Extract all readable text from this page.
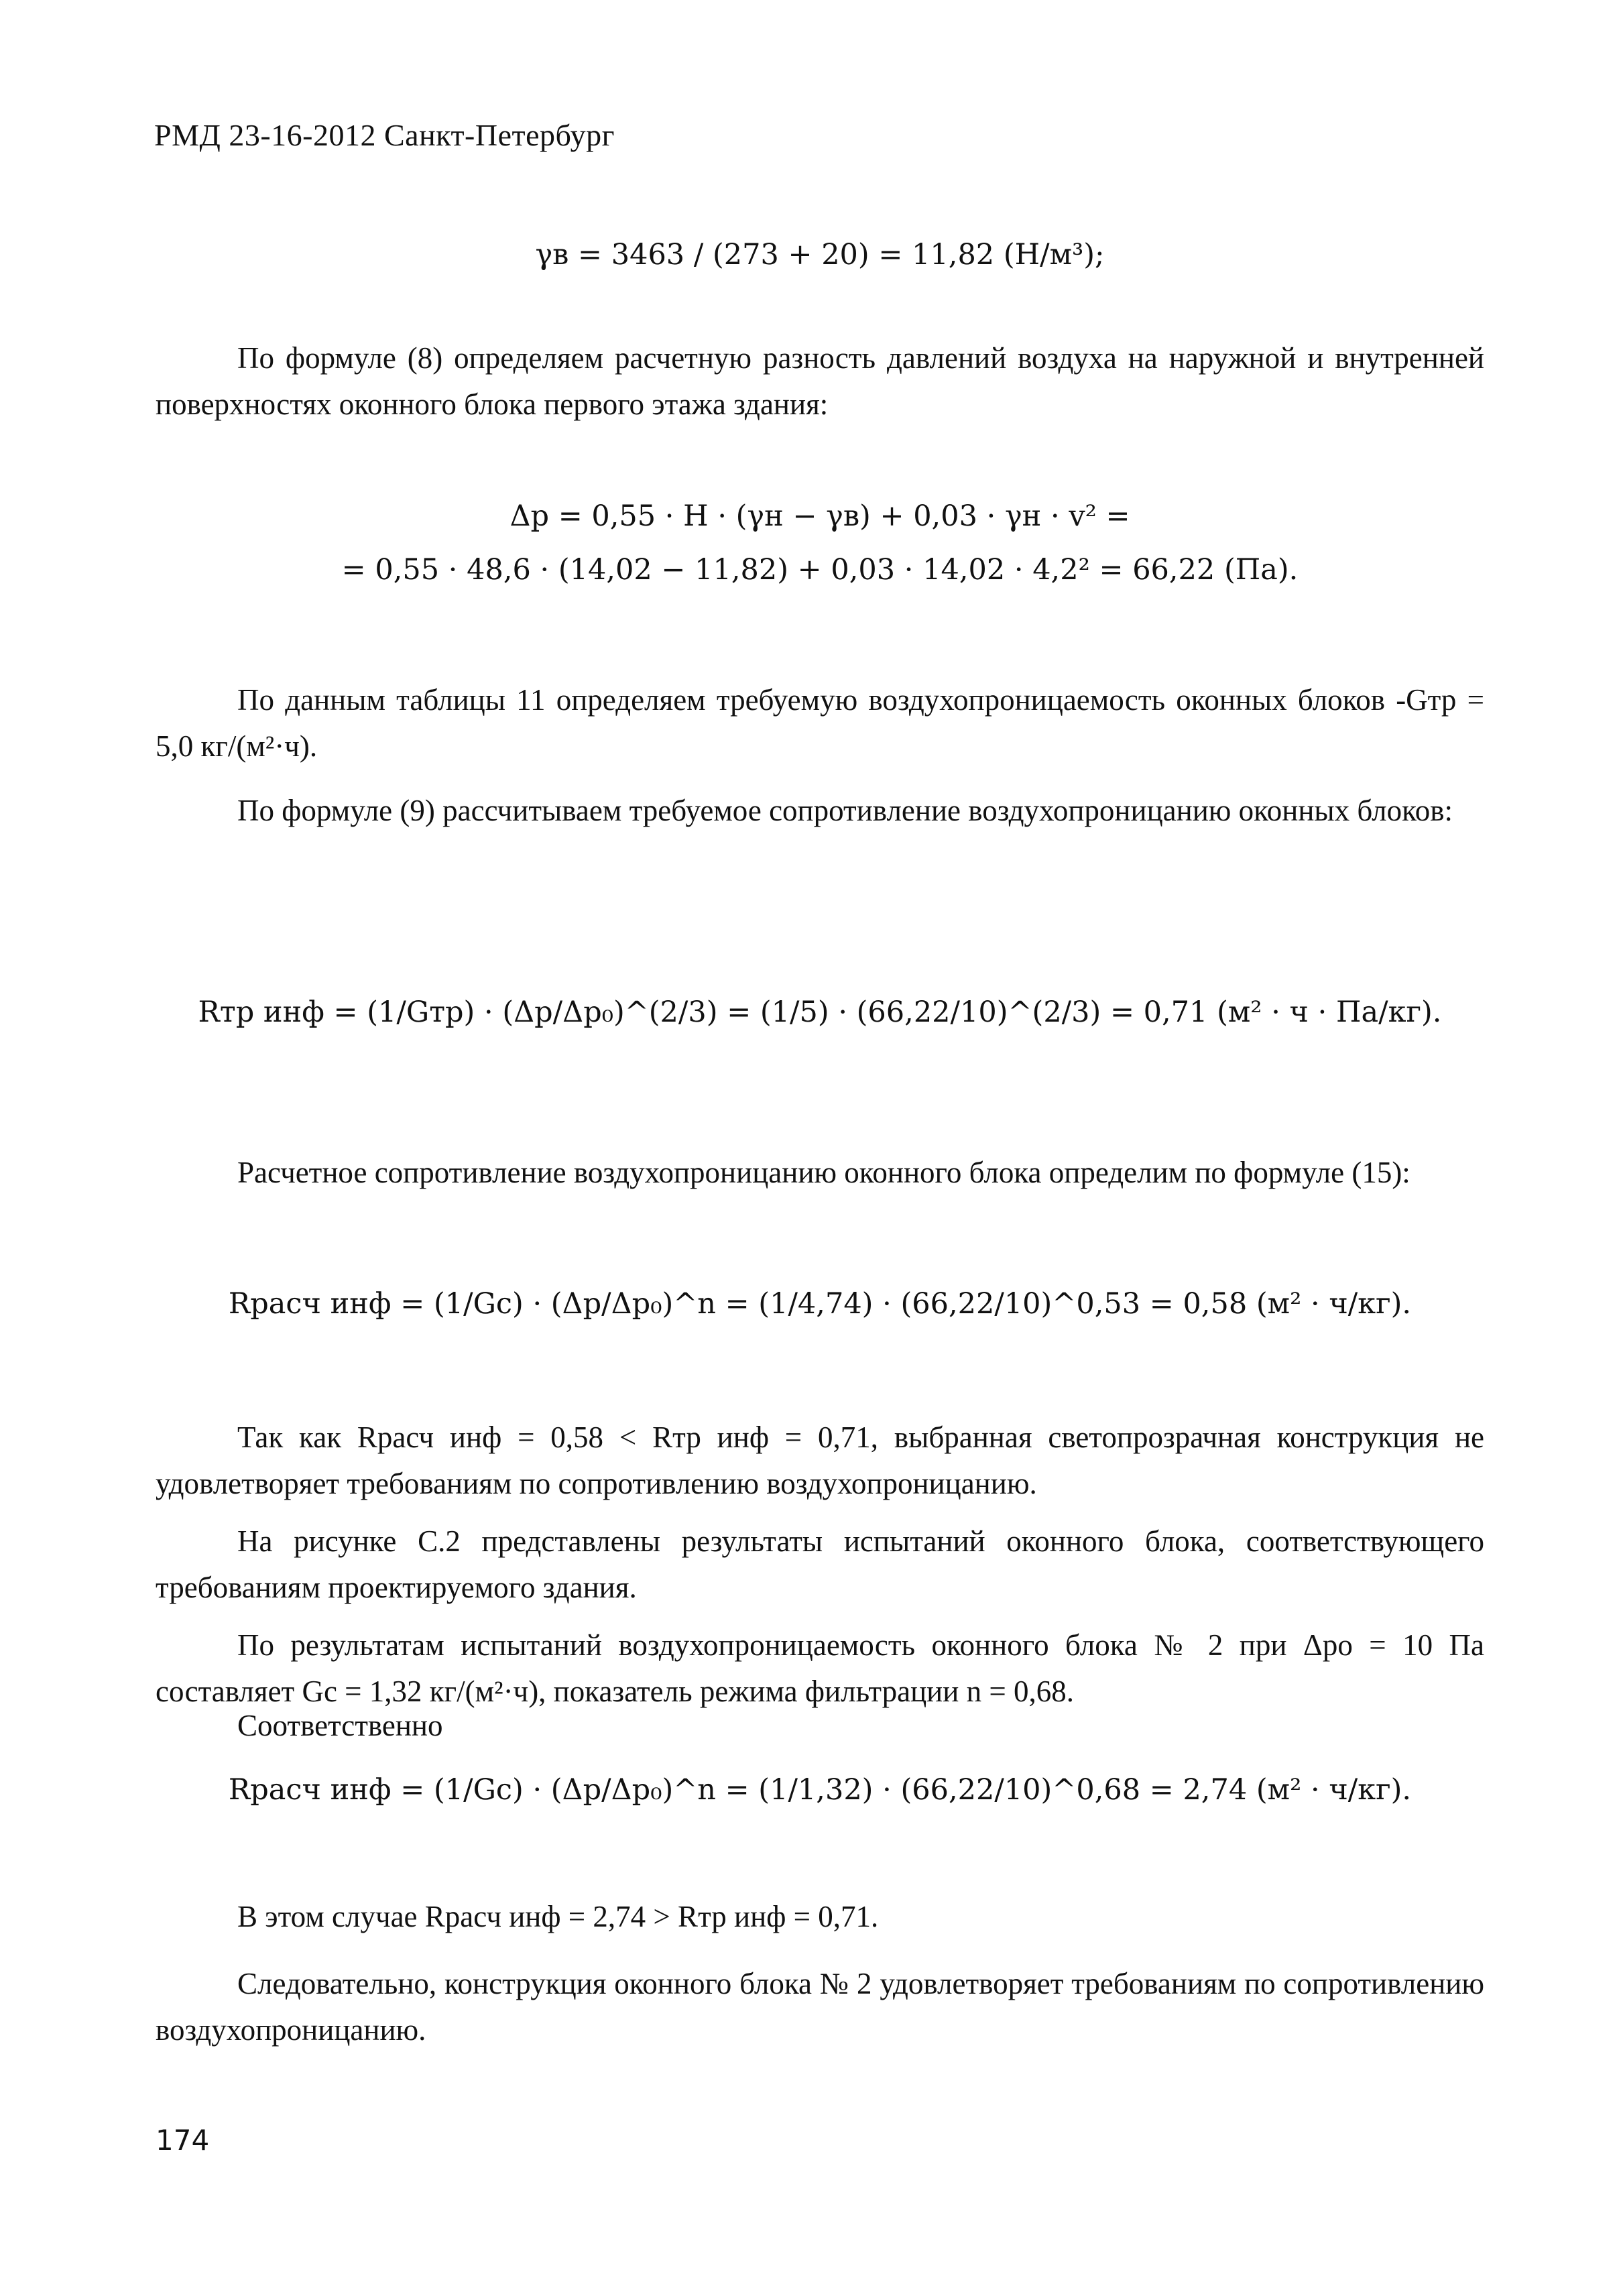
РМД 23-16-2012 Санкт-Петербург
γв = 3463 / (273 + 20) = 11,82 (Н/м³);
По формуле (8) определяем расчетную разность давлений воздуха на наружной и внутренней поверхностях оконного блока первого этажа здания:
Δp = 0,55 · H · (γн − γв) + 0,03 · γн · v² =
= 0,55 · 48,6 · (14,02 − 11,82) + 0,03 · 14,02 · 4,2² = 66,22 (Па).
По данным таблицы 11 определяем требуемую воздухопроницаемость оконных блоков -Gтр = 5,0 кг/(м²·ч).
По формуле (9) рассчитываем требуемое сопротивление воздухопроницанию оконных блоков:
Rтр инф = (1/Gтр) · (Δp/Δp₀)^(2/3) = (1/5) · (66,22/10)^(2/3) = 0,71 (м² · ч · Па/кг).
Расчетное сопротивление воздухопроницанию оконного блока определим по формуле (15):
Rрасч инф = (1/Gc) · (Δp/Δp₀)^n = (1/4,74) · (66,22/10)^0,53 = 0,58 (м² · ч/кг).
Так как Rрасч инф = 0,58 < Rтр инф = 0,71, выбранная светопрозрачная конструкция не удовлетворяет требованиям по сопротивлению воздухопроницанию.
На рисунке С.2 представлены результаты испытаний оконного блока, соответствующего требованиям проектируемого здания.
По результатам испытаний воздухопроницаемость оконного блока № 2 при Δpо = 10 Па составляет Gc = 1,32 кг/(м²·ч), показатель режима фильтрации n = 0,68.
Соответственно
Rрасч инф = (1/Gc) · (Δp/Δp₀)^n = (1/1,32) · (66,22/10)^0,68 = 2,74 (м² · ч/кг).
В этом случае Rрасч инф = 2,74 > Rтр инф = 0,71.
Следовательно, конструкция оконного блока № 2 удовлетворяет требованиям по сопротивлению воздухопроницанию.
174
